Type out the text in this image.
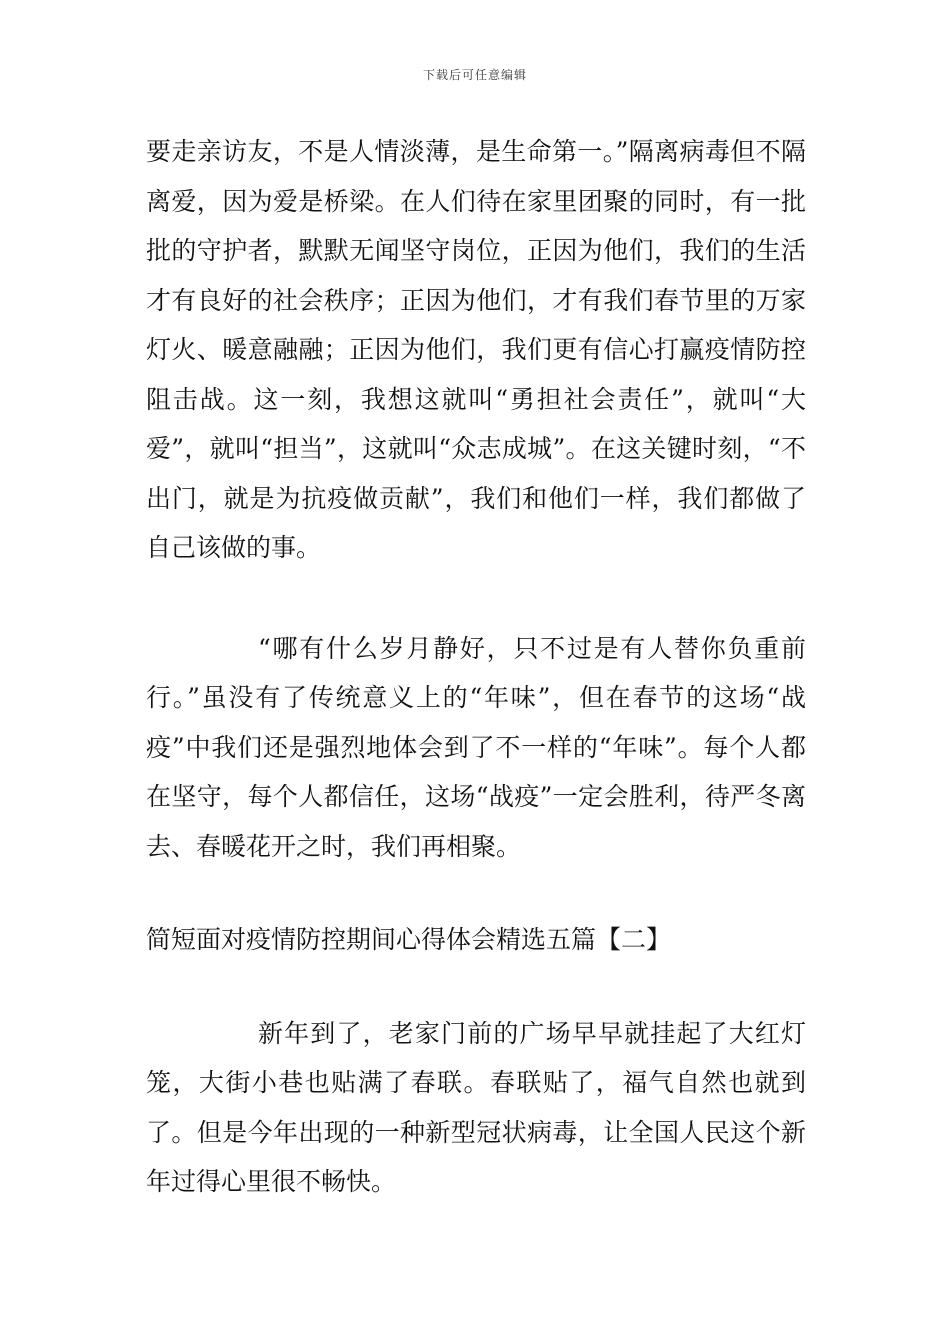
下载后可任意编辑

要走亲访友，不是人情淡薄，是生命第一。”隔离病毒但不隔离爱，因为爱是桥梁。在人们待在家里团聚的同时，有一批批的守护者，默默无闻坚守岗位，正因为他们，我们的生活才有良好的社会秩序；正因为他们，才有我们春节里的万家灯火、暖意融融；正因为他们，我们更有信心打赢疫情防控阻击战。这一刻，我想这就叫“勇担社会责任”，就叫“大爱”，就叫“担当”，这就叫“众志成城”。在这关键时刻，“不出门，就是为抗疫做贡献”，我们和他们一样，我们都做了自己该做的事。

“哪有什么岁月静好，只不过是有人替你负重前行。”虽没有了传统意义上的“年味”，但在春节的这场“战疫”中我们还是强烈地体会到了不一样的“年味”。每个人都在坚守，每个人都信任，这场“战疫”一定会胜利，待严冬离去、春暖花开之时，我们再相聚。

简短面对疫情防控期间心得体会精选五篇【二】

新年到了，老家门前的广场早早就挂起了大红灯笼，大街小巷也贴满了春联。春联贴了，福气自然也就到了。但是今年出现的一种新型冠状病毒，让全国人民这个新年过得心里很不畅快。
